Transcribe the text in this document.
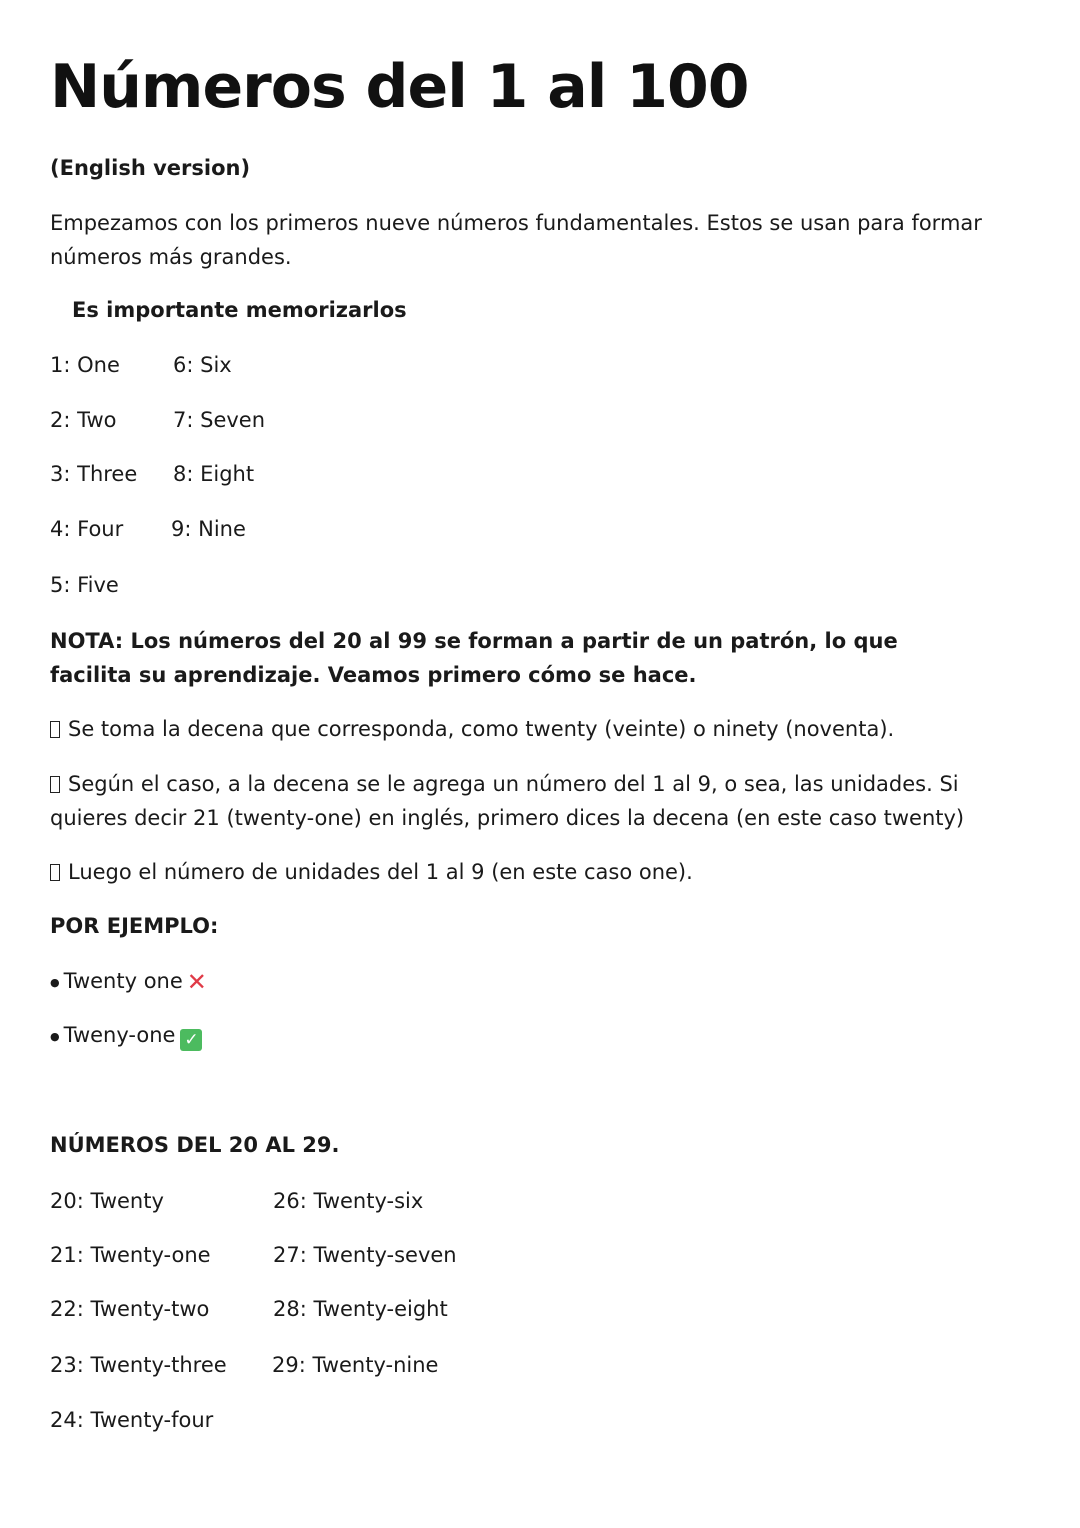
Números del 1 al 100
(English version)
Empezamos con los primeros nueve números fundamentales. Estos se usan para formar números más grandes.
Es importante memorizarlos
1: One
2: Two
3: Three
4: Four
5: Five
6: Six
7: Seven
8: Eight
9: Nine
NOTA: Los números del 20 al 99 se forman a partir de un patrón, lo que facilita su aprendizaje. Veamos primero cómo se hace.
Se toma la decena que corresponda, como twenty (veinte) o ninety (noventa).
Según el caso, a la decena se le agrega un número del 1 al 9, o sea, las unidades. Si quieres decir 21 (twenty-one) en inglés, primero dices la decena (en este caso twenty)
Luego el número de unidades del 1 al 9 (en este caso one).
POR EJEMPLO:
● Twenty one ✕
● Tweny-one ✓
NÚMEROS DEL 20 AL 29.
20: Twenty
21: Twenty-one
22: Twenty-two
23: Twenty-three
24: Twenty-four
26: Twenty-six
27: Twenty-seven
28: Twenty-eight
29: Twenty-nine
